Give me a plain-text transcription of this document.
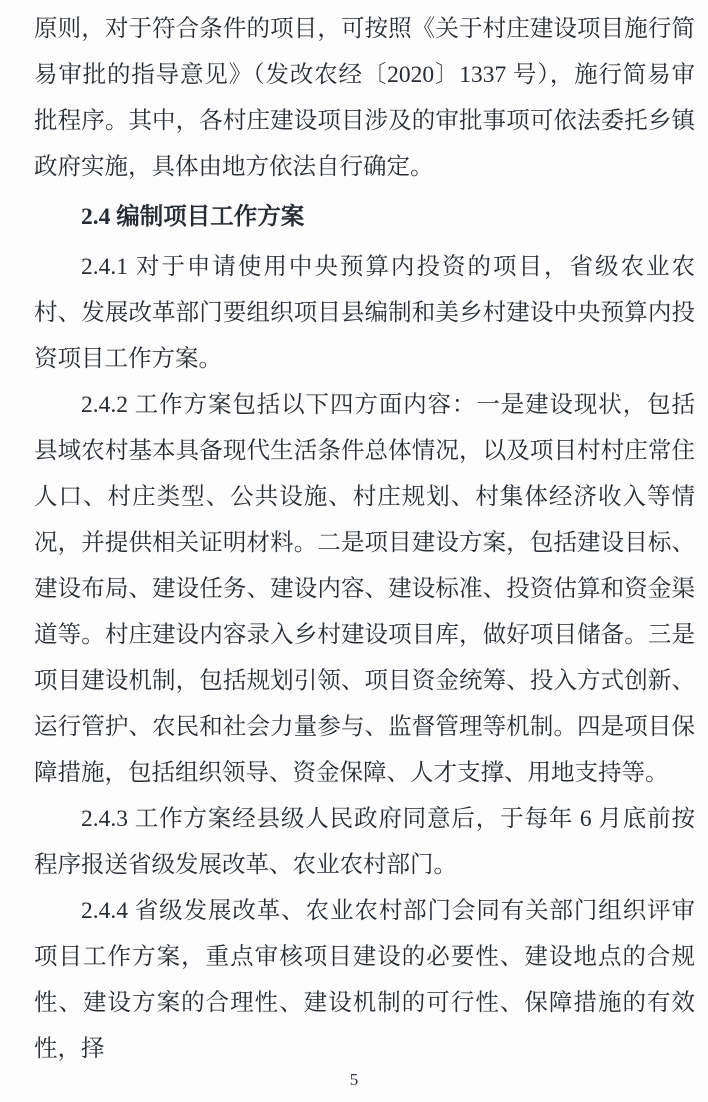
原则，对于符合条件的项目，可按照《关于村庄建设项目施行简易审批的指导意见》（发改农经〔2020〕1337 号），施行简易审批程序。其中，各村庄建设项目涉及的审批事项可依法委托乡镇政府实施，具体由地方依法自行确定。

2.4 编制项目工作方案

2.4.1 对于申请使用中央预算内投资的项目，省级农业农村、发展改革部门要组织项目县编制和美乡村建设中央预算内投资项目工作方案。

2.4.2 工作方案包括以下四方面内容：一是建设现状，包括县域农村基本具备现代生活条件总体情况，以及项目村村庄常住人口、村庄类型、公共设施、村庄规划、村集体经济收入等情况，并提供相关证明材料。二是项目建设方案，包括建设目标、建设布局、建设任务、建设内容、建设标准、投资估算和资金渠道等。村庄建设内容录入乡村建设项目库，做好项目储备。三是项目建设机制，包括规划引领、项目资金统筹、投入方式创新、运行管护、农民和社会力量参与、监督管理等机制。四是项目保障措施，包括组织领导、资金保障、人才支撑、用地支持等。

2.4.3 工作方案经县级人民政府同意后，于每年 6 月底前按程序报送省级发展改革、农业农村部门。

2.4.4 省级发展改革、农业农村部门会同有关部门组织评审项目工作方案，重点审核项目建设的必要性、建设地点的合规性、建设方案的合理性、建设机制的可行性、保障措施的有效性，择

5
